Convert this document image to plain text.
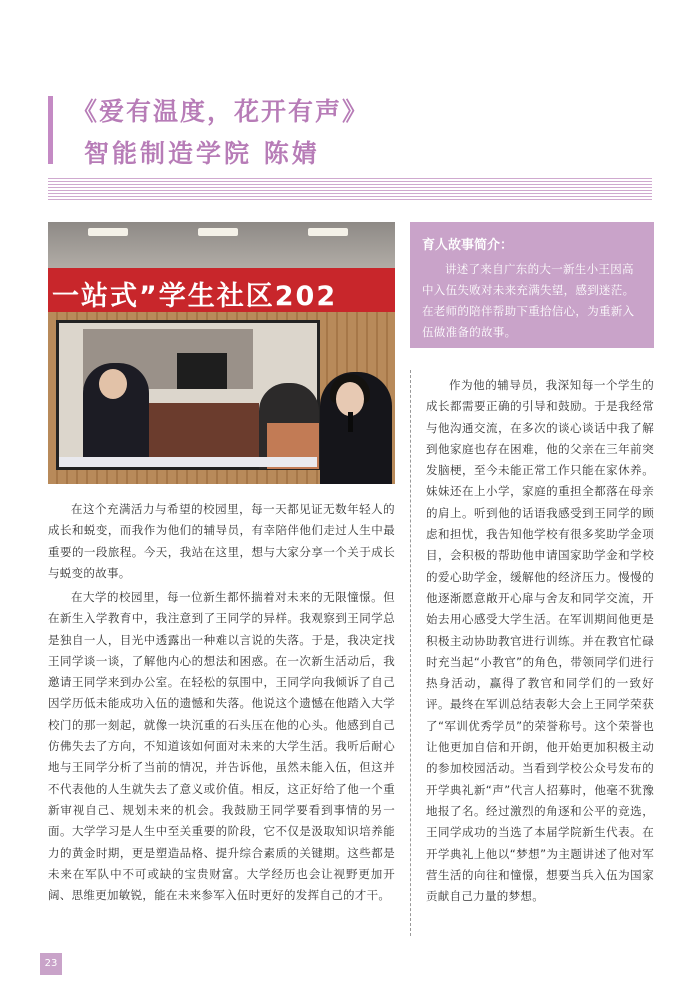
《爱有温度，花开有声》
智能制造学院 陈婧
一站式”学生社区202
育人故事简介：
讲述了来自广东的大一新生小王因高中入伍失败对未来充满失望，感到迷茫。在老师的陪伴帮助下重拾信心，为重新入伍做准备的故事。

在这个充满活力与希望的校园里，每一天都见证无数年轻人的成长和蜕变，而我作为他们的辅导员，有幸陪伴他们走过人生中最重要的一段旅程。今天，我站在这里，想与大家分享一个关于成长与蜕变的故事。

在大学的校园里，每一位新生都怀揣着对未来的无限憧憬。但在新生入学教育中，我注意到了王同学的异样。我观察到王同学总是独自一人，目光中透露出一种难以言说的失落。于是，我决定找王同学谈一谈，了解他内心的想法和困惑。在一次新生活动后，我邀请王同学来到办公室。在轻松的氛围中，王同学向我倾诉了自己因学历低未能成功入伍的遗憾和失落。他说这个遗憾在他踏入大学校门的那一刻起，就像一块沉重的石头压在他的心头。他感到自己仿佛失去了方向，不知道该如何面对未来的大学生活。我听后耐心地与王同学分析了当前的情况，并告诉他，虽然未能入伍，但这并不代表他的人生就失去了意义或价值。相反，这正好给了他一个重新审视自己、规划未来的机会。我鼓励王同学要看到事情的另一面。大学学习是人生中至关重要的阶段，它不仅是汲取知识培养能力的黄金时期，更是塑造品格、提升综合素质的关键期。这些都是未来在军队中不可或缺的宝贵财富。大学经历也会让视野更加开阔、思维更加敏锐，能在未来参军入伍时更好的发挥自己的才干。

作为他的辅导员，我深知每一个学生的成长都需要正确的引导和鼓励。于是我经常与他沟通交流，在多次的谈心谈话中我了解到他家庭也存在困难，他的父亲在三年前突发脑梗，至今未能正常工作只能在家休养。妹妹还在上小学，家庭的重担全都落在母亲的肩上。听到他的话语我感受到王同学的顾虑和担忧，我告知他学校有很多奖助学金项目，会积极的帮助他申请国家助学金和学校的爱心助学金，缓解他的经济压力。慢慢的他逐渐愿意敞开心扉与舍友和同学交流，开始去用心感受大学生活。在军训期间他更是积极主动协助教官进行训练。并在教官忙碌时充当起“小教官”的角色，带领同学们进行热身活动，赢得了教官和同学们的一致好评。最终在军训总结表彰大会上王同学荣获了“军训优秀学员”的荣誉称号。这个荣誉也让他更加自信和开朗，他开始更加积极主动的参加校园活动。当看到学校公众号发布的开学典礼新“声”代言人招募时，他毫不犹豫地报了名。经过激烈的角逐和公平的竞选，王同学成功的当选了本届学院新生代表。在开学典礼上他以“梦想”为主题讲述了他对军营生活的向往和憧憬，想要当兵入伍为国家贡献自己力量的梦想。

23
